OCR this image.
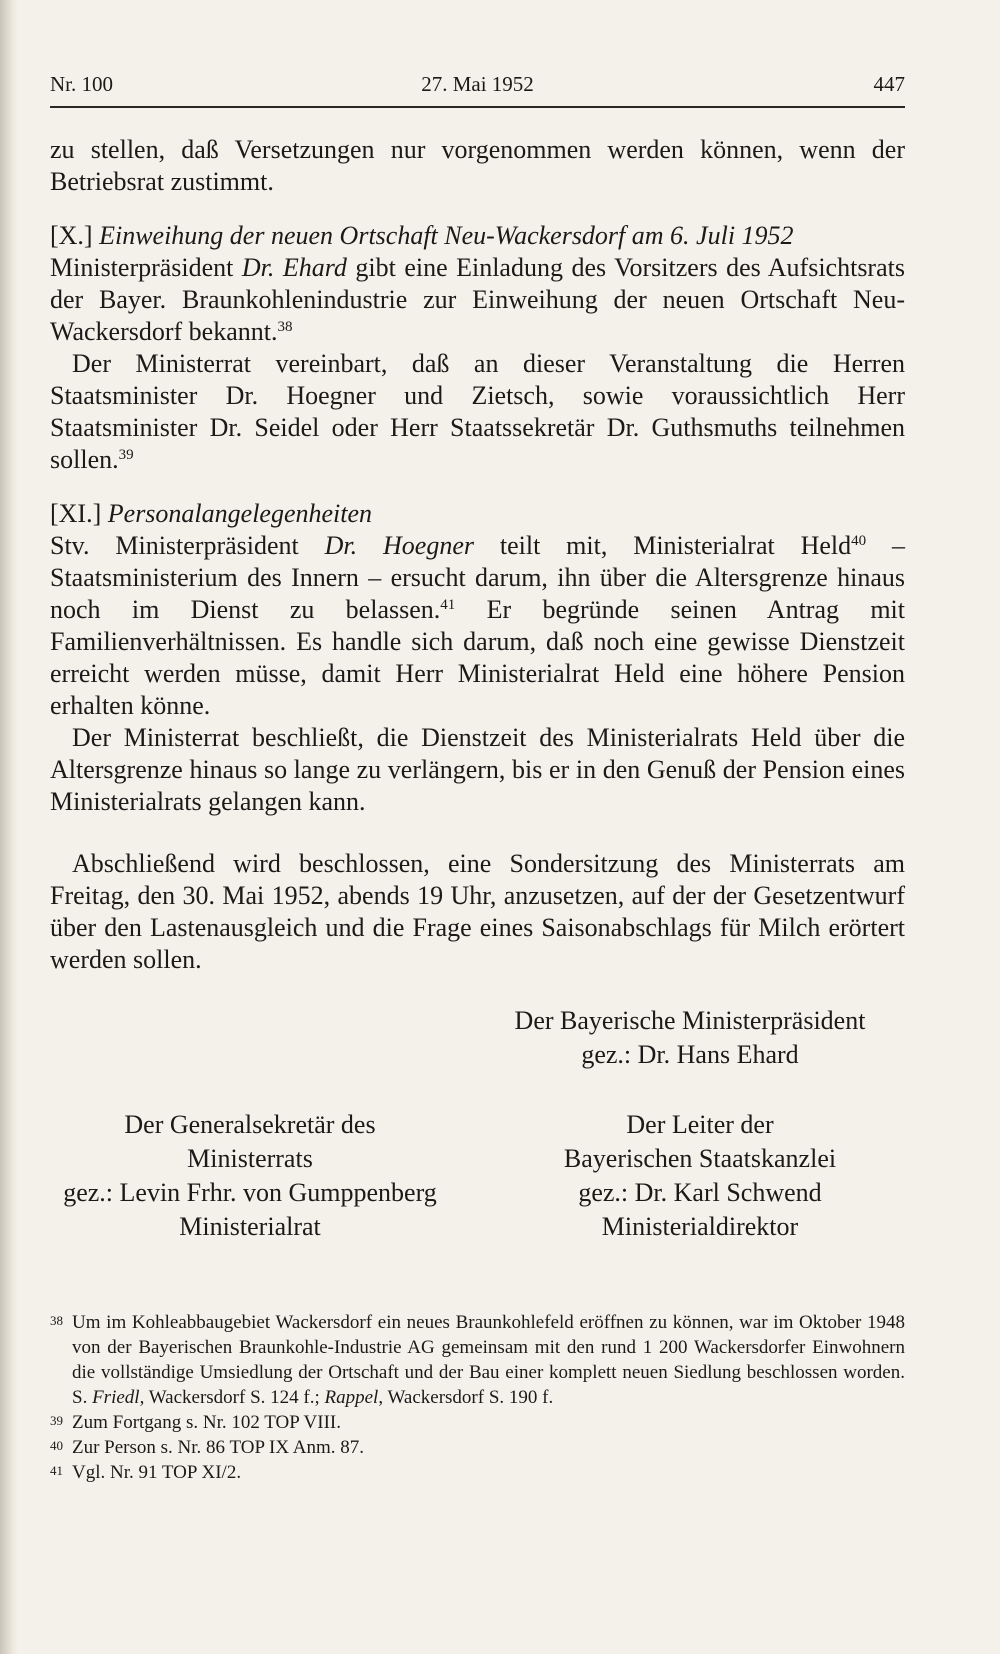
Nr. 100	27. Mai 1952	447

zu stellen, daß Versetzungen nur vorgenommen werden können, wenn der Betriebsrat zustimmt.

[X.] Einweihung der neuen Ortschaft Neu-Wackersdorf am 6. Juli 1952

Ministerpräsident Dr. Ehard gibt eine Einladung des Vorsitzers des Aufsichtsrats der Bayer. Braunkohlenindustrie zur Einweihung der neuen Ortschaft Neu-Wackersdorf bekannt.$^{38}$

Der Ministerrat vereinbart, daß an dieser Veranstaltung die Herren Staatsminister Dr. Hoegner und Zietsch, sowie voraussichtlich Herr Staatsminister Dr. Seidel oder Herr Staatssekretär Dr. Guthsmuths teilnehmen sollen.$^{39}$

[XI.] Personalangelegenheiten

Stv. Ministerpräsident Dr. Hoegner teilt mit, Ministerialrat Held$^{40}$ – Staatsministerium des Innern – ersucht darum, ihn über die Altersgrenze hinaus noch im Dienst zu belassen.$^{41}$ Er begründe seinen Antrag mit Familienverhältnissen. Es handle sich darum, daß noch eine gewisse Dienstzeit erreicht werden müsse, damit Herr Ministerialrat Held eine höhere Pension erhalten könne.

Der Ministerrat beschließt, die Dienstzeit des Ministerialrats Held über die Altersgrenze hinaus so lange zu verlängern, bis er in den Genuß der Pension eines Ministerialrats gelangen kann.

Abschließend wird beschlossen, eine Sondersitzung des Ministerrats am Freitag, den 30. Mai 1952, abends 19 Uhr, anzusetzen, auf der der Gesetzentwurf über den Lastenausgleich und die Frage eines Saisonabschlags für Milch erörtert werden sollen.

Der Bayerische Ministerpräsident
gez.: Dr. Hans Ehard
Der Generalsekretär des
Ministerrats
gez.: Levin Frhr. von Gumppenberg
Ministerialrat
Der Leiter der
Bayerischen Staatskanzlei
gez.: Dr. Karl Schwend
Ministerialdirektor

38 Um im Kohleabbaugebiet Wackersdorf ein neues Braunkohlefeld eröffnen zu können, war im Oktober 1948 von der Bayerischen Braunkohle-Industrie AG gemeinsam mit den rund 1 200 Wackersdorfer Einwohnern die vollständige Umsiedlung der Ortschaft und der Bau einer komplett neuen Siedlung beschlossen worden. S. Friedl, Wackersdorf S. 124 f.; Rappel, Wackersdorf S. 190 f.

39 Zum Fortgang s. Nr. 102 TOP VIII.

40 Zur Person s. Nr. 86 TOP IX Anm. 87.

41 Vgl. Nr. 91 TOP XI/2.
